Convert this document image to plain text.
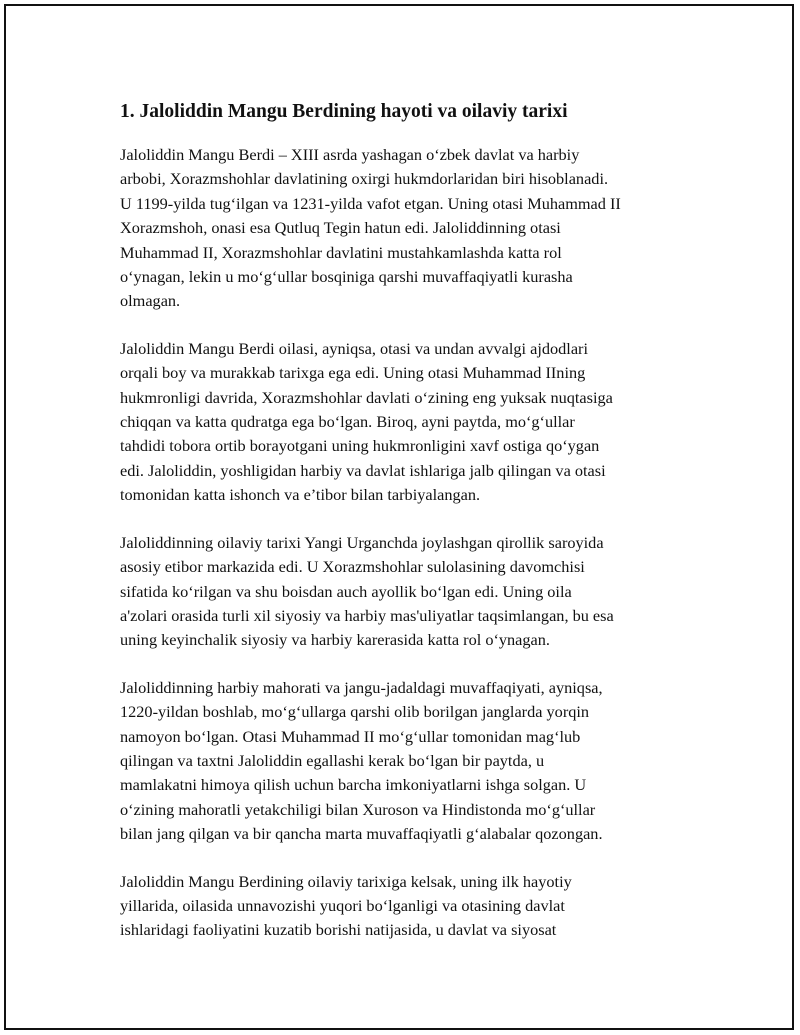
1. Jaloliddin Mangu Berdining hayoti va oilaviy tarixi

Jaloliddin Mangu Berdi – XIII asrda yashagan o‘zbek davlat va harbiy
arbobi, Xorazmshohlar davlatining oxirgi hukmdorlaridan biri hisoblanadi.
U 1199-yilda tug‘ilgan va 1231-yilda vafot etgan. Uning otasi Muhammad II
Xorazmshoh, onasi esa Qutluq Tegin hatun edi. Jaloliddinning otasi
Muhammad II, Xorazmshohlar davlatini mustahkamlashda katta rol
o‘ynagan, lekin u mo‘g‘ullar bosqiniga qarshi muvaffaqiyatli kurasha
olmagan.

Jaloliddin Mangu Berdi oilasi, ayniqsa, otasi va undan avvalgi ajdodlari
orqali boy va murakkab tarixga ega edi. Uning otasi Muhammad IIning
hukmronligi davrida, Xorazmshohlar davlati o‘zining eng yuksak nuqtasiga
chiqqan va katta qudratga ega bo‘lgan. Biroq, ayni paytda, mo‘g‘ullar
tahdidi tobora ortib borayotgani uning hukmronligini xavf ostiga qo‘ygan
edi. Jaloliddin, yoshligidan harbiy va davlat ishlariga jalb qilingan va otasi
tomonidan katta ishonch va e’tibor bilan tarbiyalangan.

Jaloliddinning oilaviy tarixi Yangi Urganchda joylashgan qirollik saroyida
asosiy etibor markazida edi. U Xorazmshohlar sulolasining davomchisi
sifatida ko‘rilgan va shu boisdan auch ayollik bo‘lgan edi. Uning oila
a'zolari orasida turli xil siyosiy va harbiy mas'uliyatlar taqsimlangan, bu esa
uning keyinchalik siyosiy va harbiy karerasida katta rol o‘ynagan.

Jaloliddinning harbiy mahorati va jangu-jadaldagi muvaffaqiyati, ayniqsa,
1220-yildan boshlab, mo‘g‘ullarga qarshi olib borilgan janglarda yorqin
namoyon bo‘lgan. Otasi Muhammad II mo‘g‘ullar tomonidan mag‘lub
qilingan va taxtni Jaloliddin egallashi kerak bo‘lgan bir paytda, u
mamlakatni himoya qilish uchun barcha imkoniyatlarni ishga solgan. U
o‘zining mahoratli yetakchiligi bilan Xuroson va Hindistonda mo‘g‘ullar
bilan jang qilgan va bir qancha marta muvaffaqiyatli g‘alabalar qozongan.

Jaloliddin Mangu Berdining oilaviy tarixiga kelsak, uning ilk hayotiy
yillarida, oilasida unnavozishi yuqori bo‘lganligi va otasining davlat
ishlaridagi faoliyatini kuzatib borishi natijasida, u davlat va siyosat
